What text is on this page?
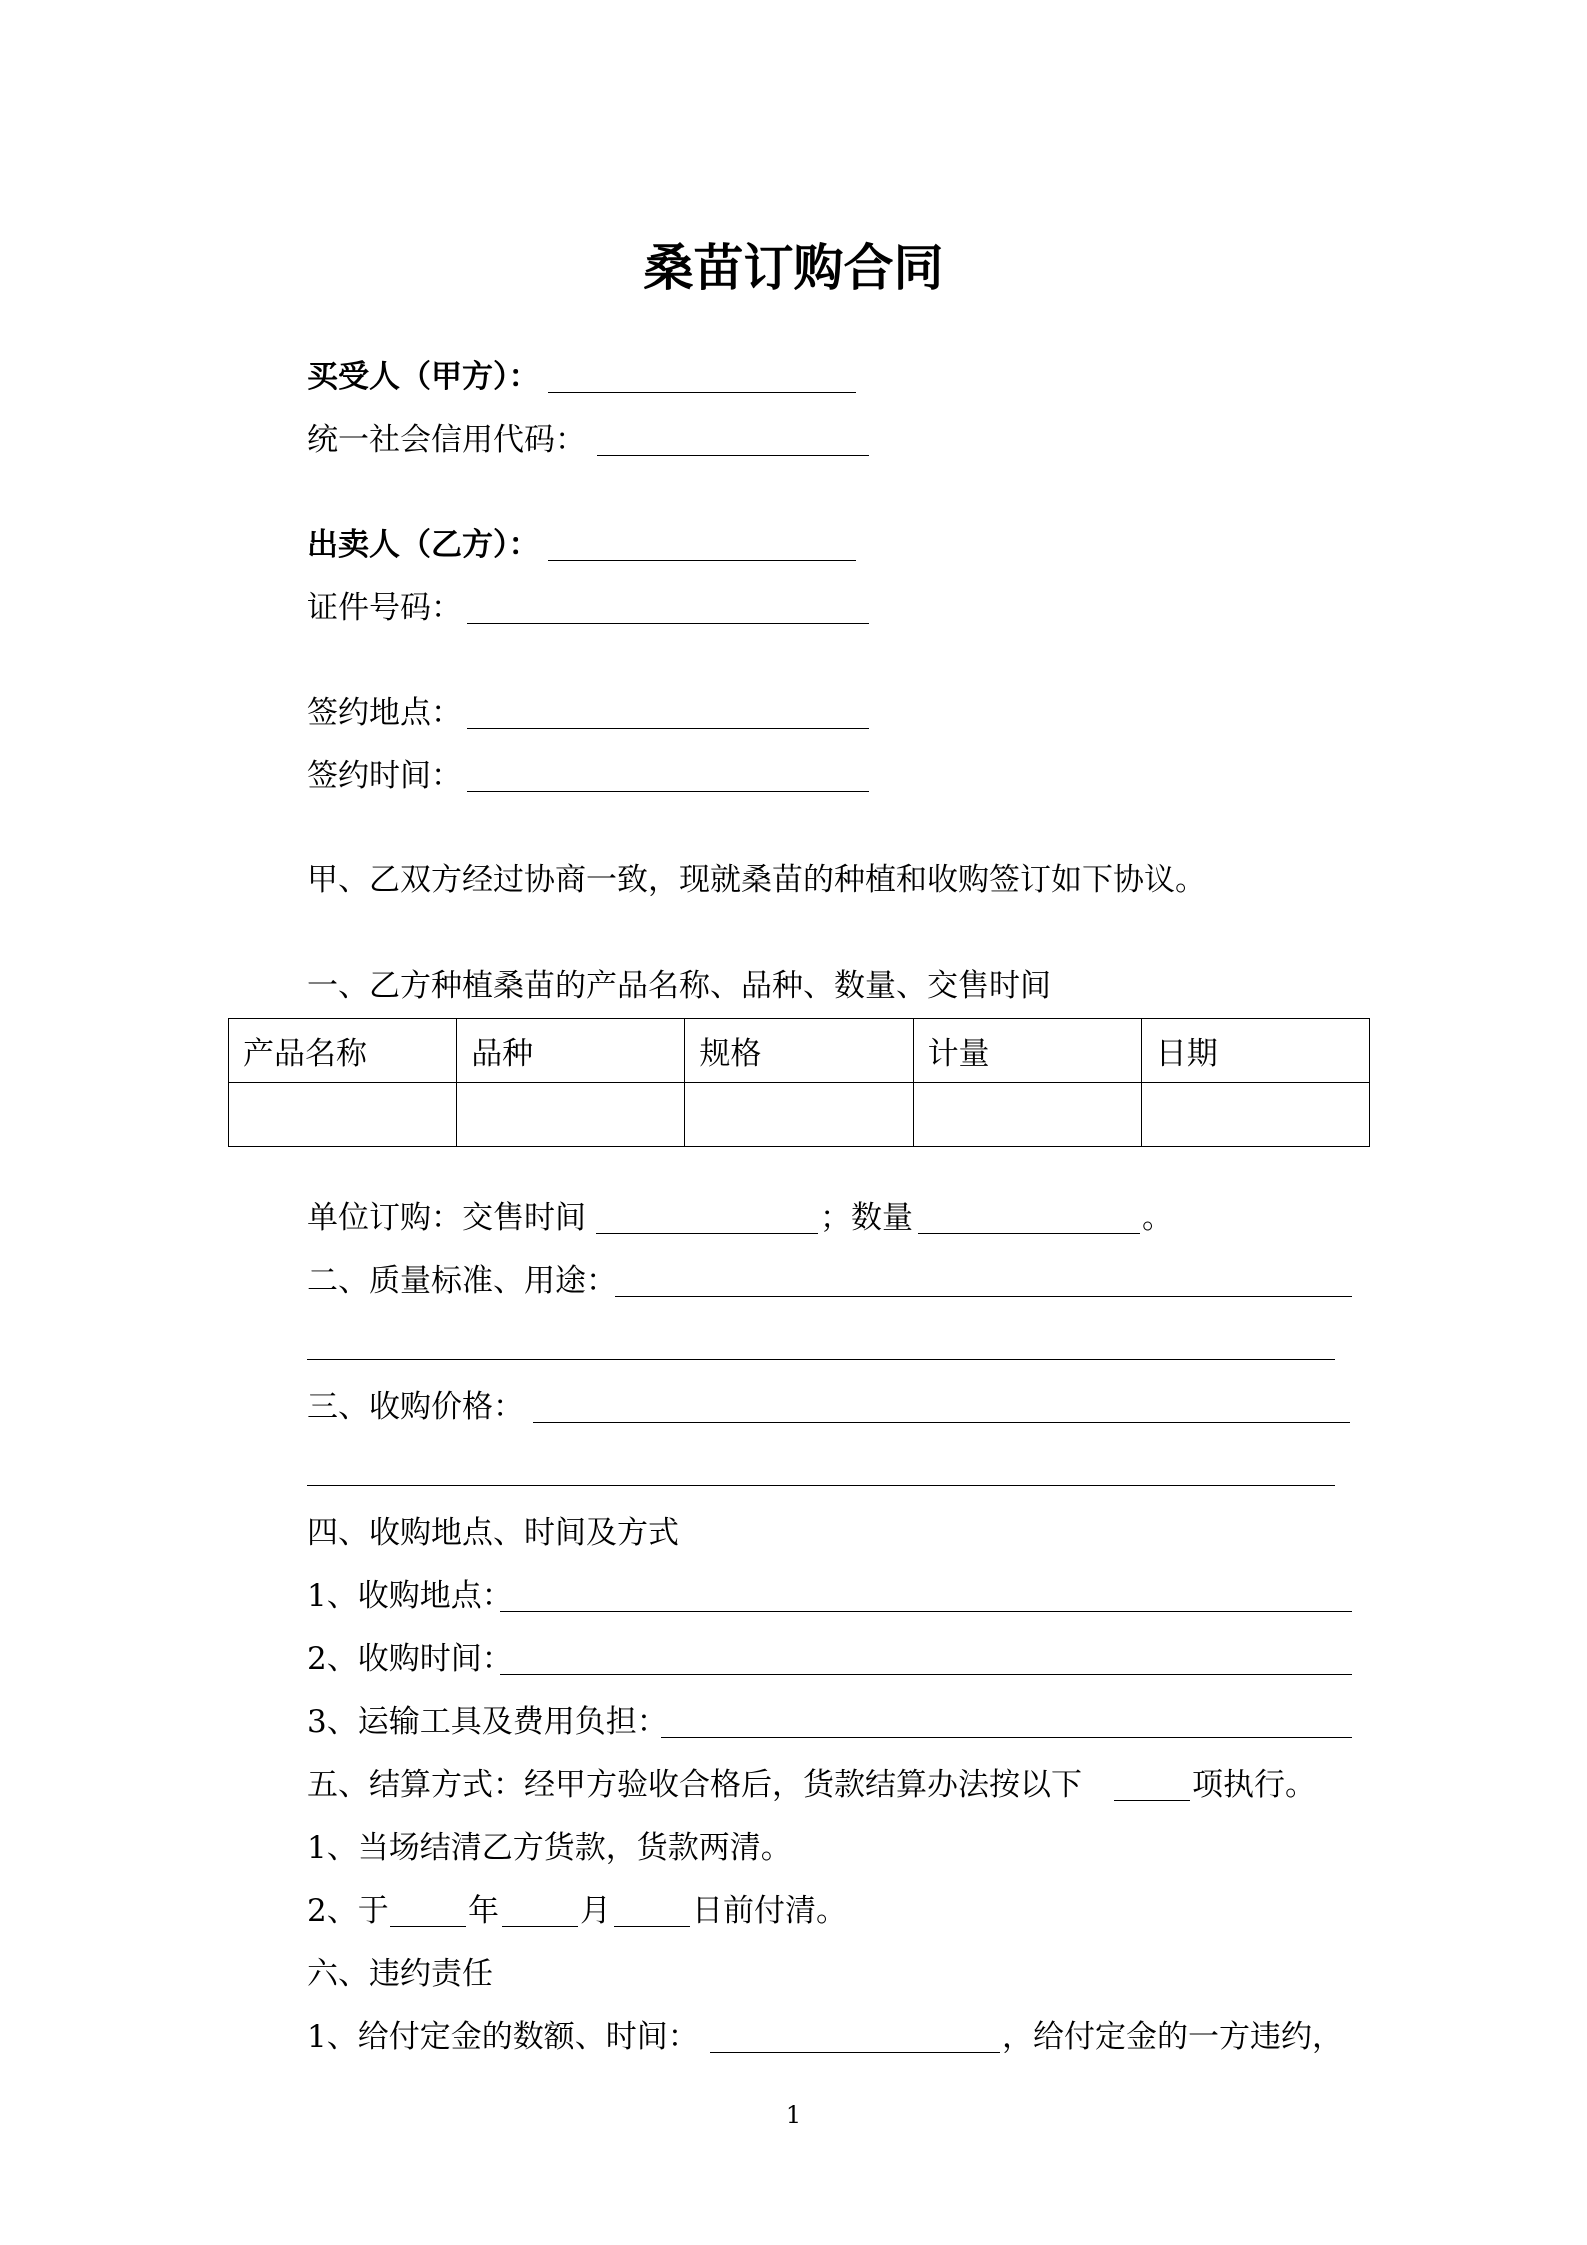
桑苗订购合同
买受人（甲方）：
统一社会信用代码：
出卖人（乙方）：
证件号码：
签约地点：
签约时间：
甲、乙双方经过协商一致，现就桑苗的种植和收购签订如下协议。
一、乙方种植桑苗的产品名称、品种、数量、交售时间
产品名称	品种	规格	计量	日期

单位订购：交售时间	；数量	。
二、质量标准、用途：
三、收购价格：
四、收购地点、时间及方式
1、收购地点：
2、收购时间：
3、运输工具及费用负担：
五、结算方式：经甲方验收合格后，货款结算办法按以下	项执行。
1、当场结清乙方货款，货款两清。
2、于	年	月	日前付清。
六、违约责任
1、给付定金的数额、时间：	，给付定金的一方违约，
1
